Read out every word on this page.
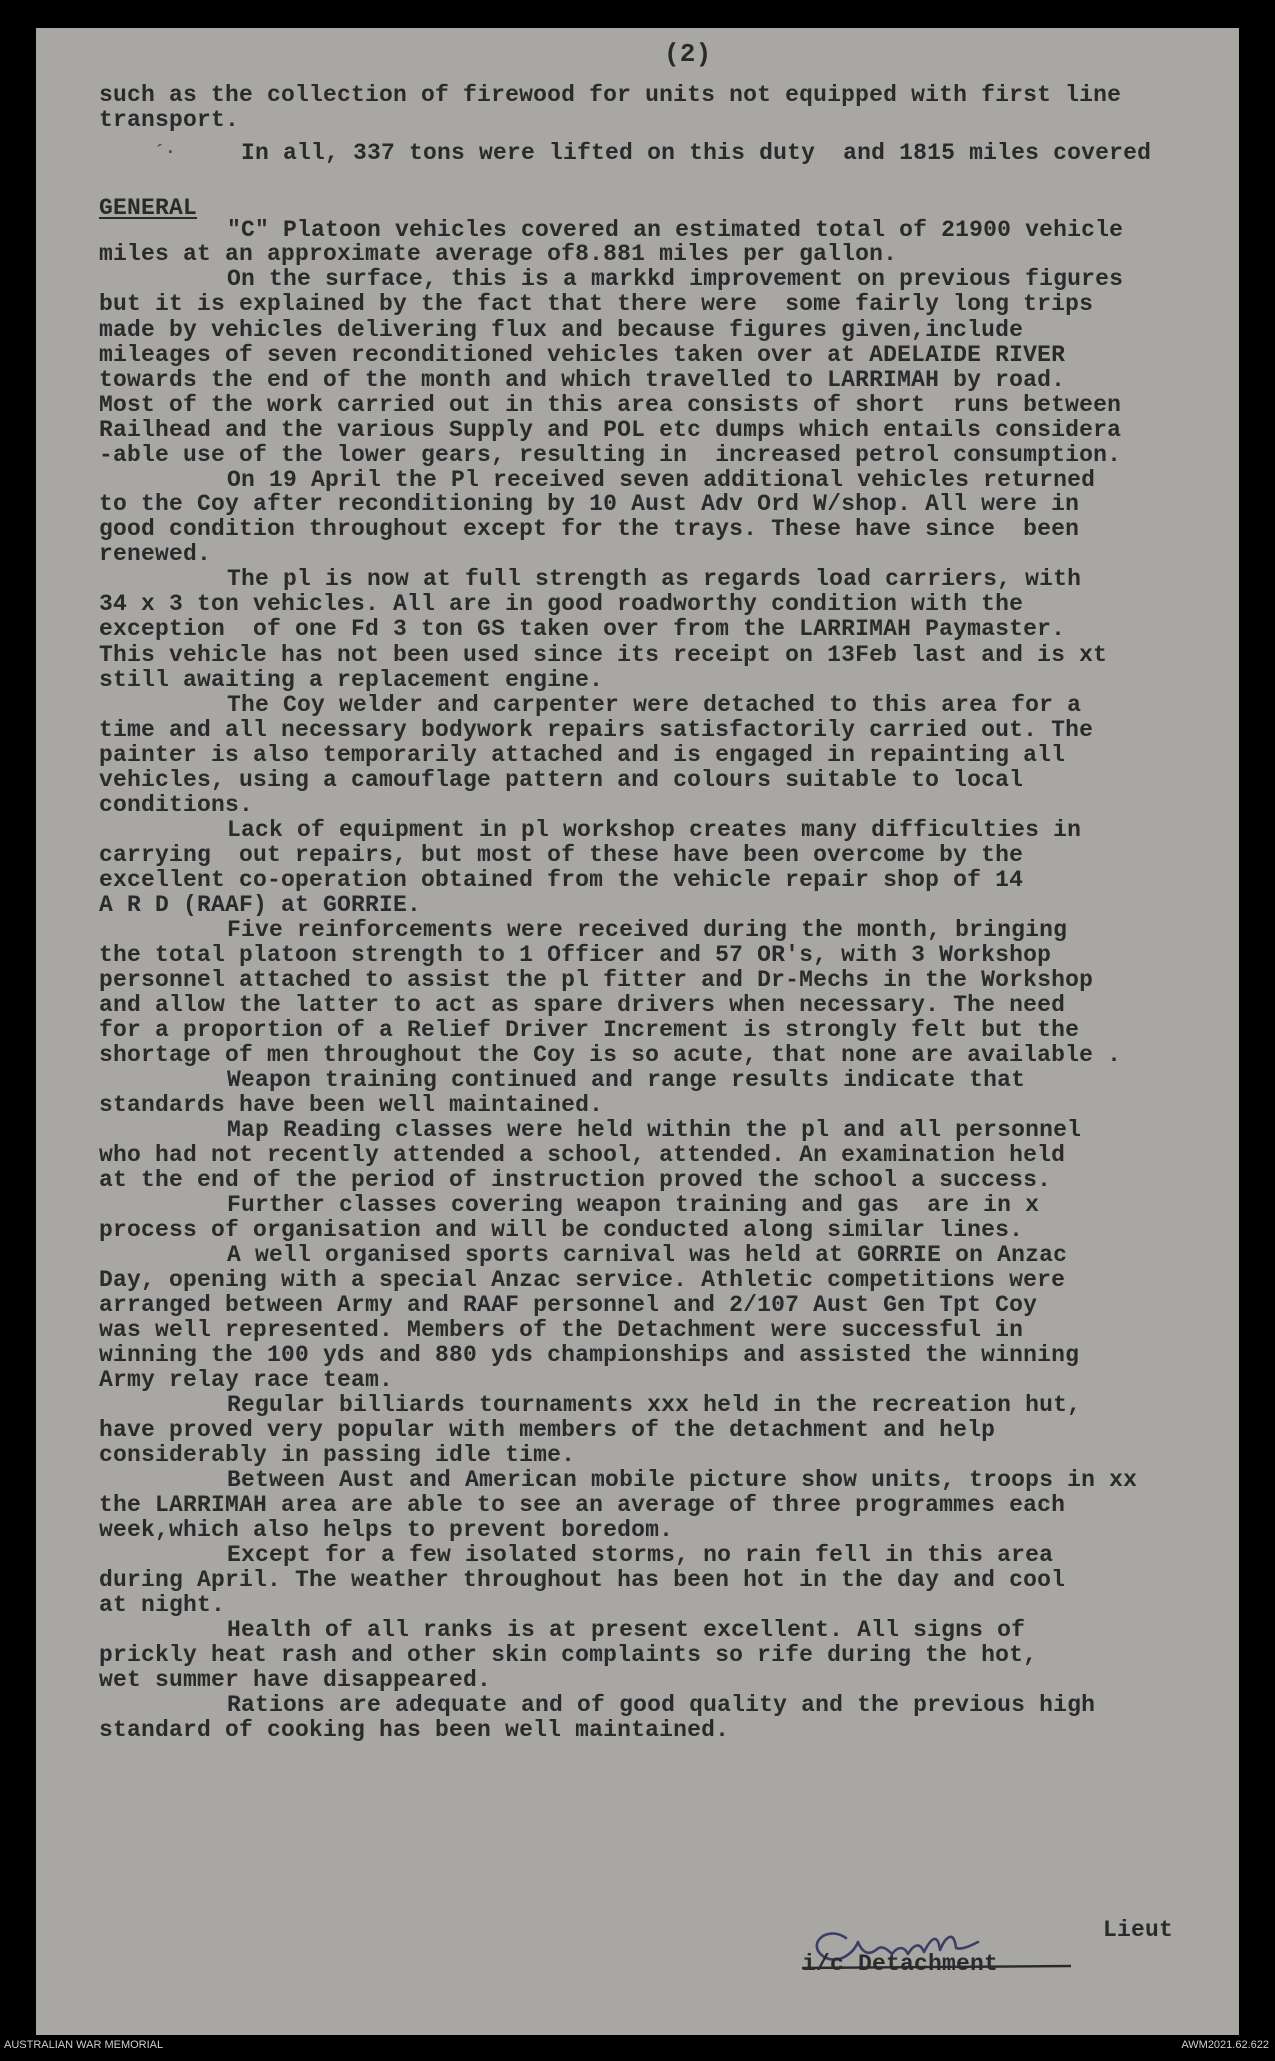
(2)
such as the collection of firewood for units not equipped with first line
transport.
´·	In all, 337 tons were lifted on this duty  and 1815 miles covered
GENERAL
"C" Platoon vehicles covered an estimated total of 21900 vehicle
miles at an approximate average of8.881 miles per gallon.
On the surface, this is a markkd improvement on previous figures
but it is explained by the fact that there were  some fairly long trips
made by vehicles delivering flux and because figures given,include
mileages of seven reconditioned vehicles taken over at ADELAIDE RIVER
towards the end of the month and which travelled to LARRIMAH by road.
Most of the work carried out in this area consists of short  runs between
Railhead and the various Supply and POL etc dumps which entails considera
-able use of the lower gears, resulting in  increased petrol consumption.
On 19 April the Pl received seven additional vehicles returned
to the Coy after reconditioning by 10 Aust Adv Ord W/shop. All were in
good condition throughout except for the trays. These have since  been
renewed.
The pl is now at full strength as regards load carriers, with
34 x 3 ton vehicles. All are in good roadworthy condition with the
exception  of one Fd 3 ton GS taken over from the LARRIMAH Paymaster.
This vehicle has not been used since its receipt on 13Feb last and is xt
still awaiting a replacement engine.
The Coy welder and carpenter were detached to this area for a
time and all necessary bodywork repairs satisfactorily carried out. The
painter is also temporarily attached and is engaged in repainting all
vehicles, using a camouflage pattern and colours suitable to local
conditions.
Lack of equipment in pl workshop creates many difficulties in
carrying  out repairs, but most of these have been overcome by the
excellent co-operation obtained from the vehicle repair shop of 14
A R D (RAAF) at GORRIE.
Five reinforcements were received during the month, bringing
the total platoon strength to 1 Officer and 57 OR's, with 3 Workshop
personnel attached to assist the pl fitter and Dr-Mechs in the Workshop
and allow the latter to act as spare drivers when necessary. The need
for a proportion of a Relief Driver Increment is strongly felt but the
shortage of men throughout the Coy is so acute, that none are available .
Weapon training continued and range results indicate that
standards have been well maintained.
Map Reading classes were held within the pl and all personnel
who had not recently attended a school, attended. An examination held
at the end of the period of instruction proved the school a success.
Further classes covering weapon training and gas  are in x
process of organisation and will be conducted along similar lines.
A well organised sports carnival was held at GORRIE on Anzac
Day, opening with a special Anzac service. Athletic competitions were
arranged between Army and RAAF personnel and 2/107 Aust Gen Tpt Coy
was well represented. Members of the Detachment were successful in
winning the 100 yds and 880 yds championships and assisted the winning
Army relay race team.
Regular billiards tournaments xxx held in the recreation hut,
have proved very popular with members of the detachment and help
considerably in passing idle time.
Between Aust and American mobile picture show units, troops in xx
the LARRIMAH area are able to see an average of three programmes each
week,which also helps to prevent boredom.
Except for a few isolated storms, no rain fell in this area
during April. The weather throughout has been hot in the day and cool
at night.
Health of all ranks is at present excellent. All signs of
prickly heat rash and other skin complaints so rife during the hot,
wet summer have disappeared.
Rations are adequate and of good quality and the previous high
standard of cooking has been well maintained.
Lieut
i/c Detachment
AUSTRALIAN WAR MEMORIAL	AWM2021.62.622
